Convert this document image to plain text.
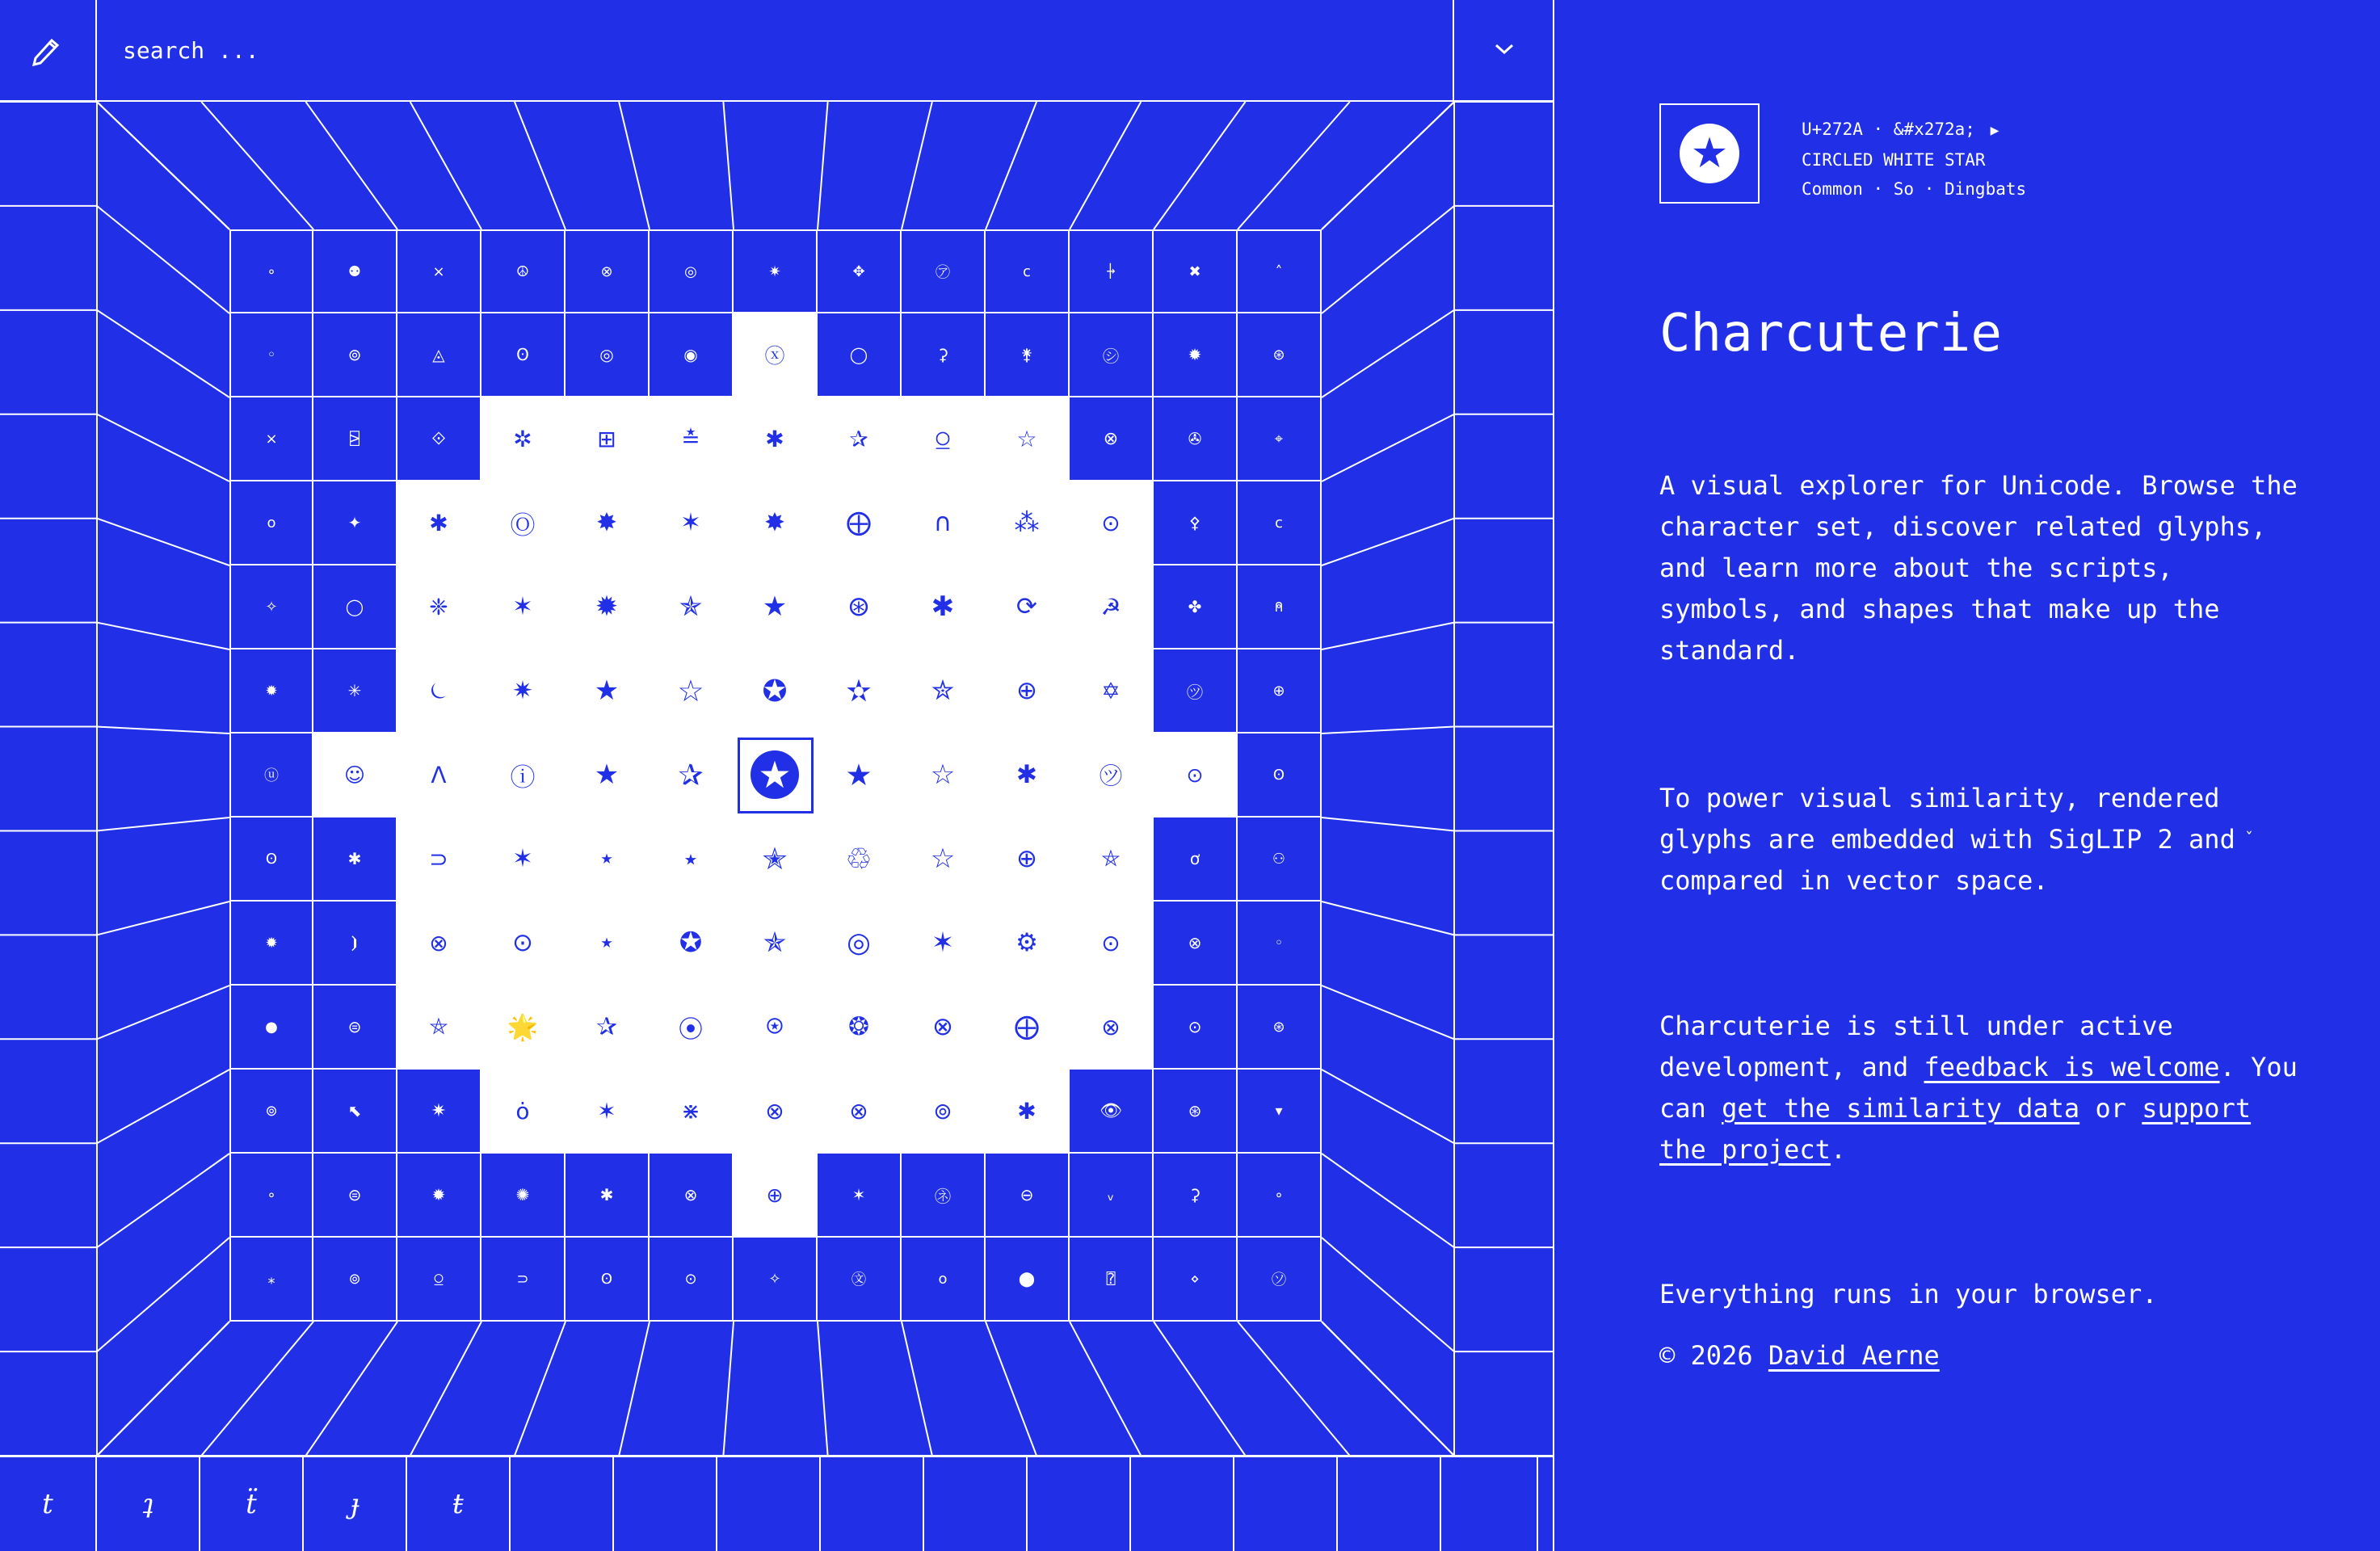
search ...
∘	⚉	×	☮	⊗	◎	✷	✥	㋐	ⅽ	⍆	✖	˄
◦	⊚	◬	ʘ	◎	◉	ⓧ	◯	⚳	⚵	㋛	✹	⊛
×	⍄	⟐	✲	⊞	≛	✱	✰	⍜	☆	⊗	✇	⌖
ο	✦	✱ Ⓞ ✸	✶	✸ ⨁ ∩ ⁂	⊙	⚴	ⅽ
✧	◯	❈	✶ ✹ ✯ ★ ⊛ ✱ ⟳	☭	✤	⍝
✹	✳	⏾	✷ ★ ☆ ✪ ✫ ✮ ⊕	✡	㋡	⊕
ⓤ	☺	ⴷ	ⓘ ★ ✰ ★ ★ ☆ ✱	㋡	⊙	ʘ
ʘ	✱	⊃	✶ ⋆ ⋆ ✭ ♲ ☆ ⊕	⛤	ơ	⚇
✹	⦘	⊗	⊙ ⋆ ✪ ✯ ◎ ✶ ⚙	⊙	⊗	◦
●	⊜	⛤ 🌟 ✰ ⦿	⍟	❂	⊗ ⨁	⊗	⊙	⊛
⊚	⬉	✷	ȯ	✶	⋇	⊗	⊗	⊚	✱	👁	⊛	▾
∘	⊜	✹	✺	✱	⊗	⊕	✶	㋧	⊖	ᵥ	⚳	∘
⁎	⊚	⍜	⊃	ʘ	⊙	✧	㉆	ο	⬤	⍰	⋄	㋞
t	ʇ	ẗ	ɟ	ŧ
★	U+272A · &#x272a; ▶
CIRCLED WHITE STAR
Common · So · Dingbats
Charcuterie

A visual explorer for Unicode. Browse the character set, discover related glyphs, and learn more about the scripts, symbols, and shapes that make up the standard.

To power visual similarity, rendered glyphs are embedded with SigLIP 2 and compared in vector space.

ˇ

Charcuterie is still under active development, and feedback is welcome. You can get the similarity data or support the project.

Everything runs in your browser.

© 2026 David Aerne
